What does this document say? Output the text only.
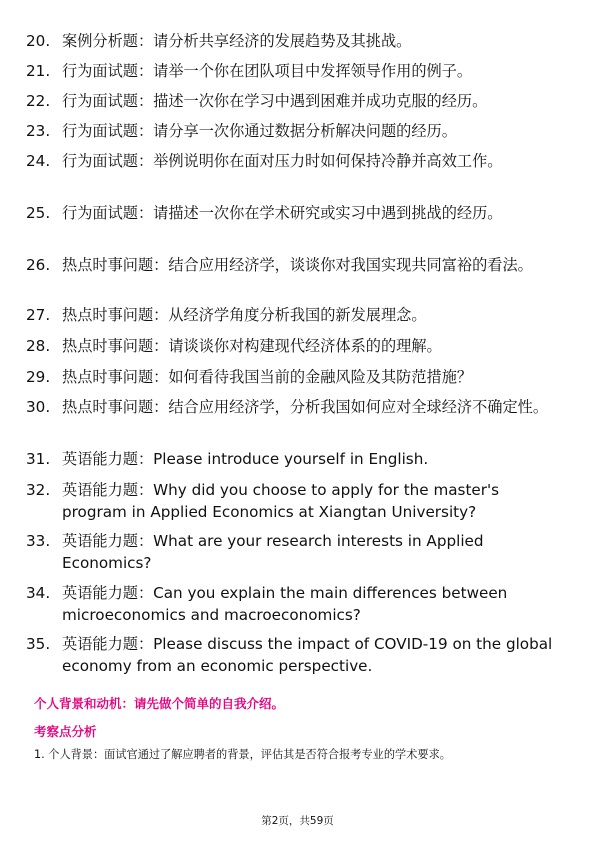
20. 案例分析题：请分析共享经济的发展趋势及其挑战。
21. 行为面试题：请举一个你在团队项目中发挥领导作用的例子。
22. 行为面试题：描述一次你在学习中遇到困难并成功克服的经历。
23. 行为面试题：请分享一次你通过数据分析解决问题的经历。
24. 行为面试题：举例说明你在面对压力时如何保持冷静并高效工作。
25. 行为面试题：请描述一次你在学术研究或实习中遇到挑战的经历。
26. 热点时事问题：结合应用经济学，谈谈你对我国实现共同富裕的看法。
27. 热点时事问题：从经济学角度分析我国的新发展理念。
28. 热点时事问题：请谈谈你对构建现代经济体系的的理解。
29. 热点时事问题：如何看待我国当前的金融风险及其防范措施？
30. 热点时事问题：结合应用经济学，分析我国如何应对全球经济不确定性。
31. 英语能力题：Please introduce yourself in English.
32. 英语能力题：Why did you choose to apply for the master's program in Applied Economics at Xiangtan University?
33. 英语能力题：What are your research interests in Applied Economics?
34. 英语能力题：Can you explain the main differences between microeconomics and macroeconomics?
35. 英语能力题：Please discuss the impact of COVID-19 on the global economy from an economic perspective.
个人背景和动机：请先做个简单的自我介绍。
考察点分析
1. 个人背景：面试官通过了解应聘者的背景，评估其是否符合报考专业的学术要求。
第2页，共59页
